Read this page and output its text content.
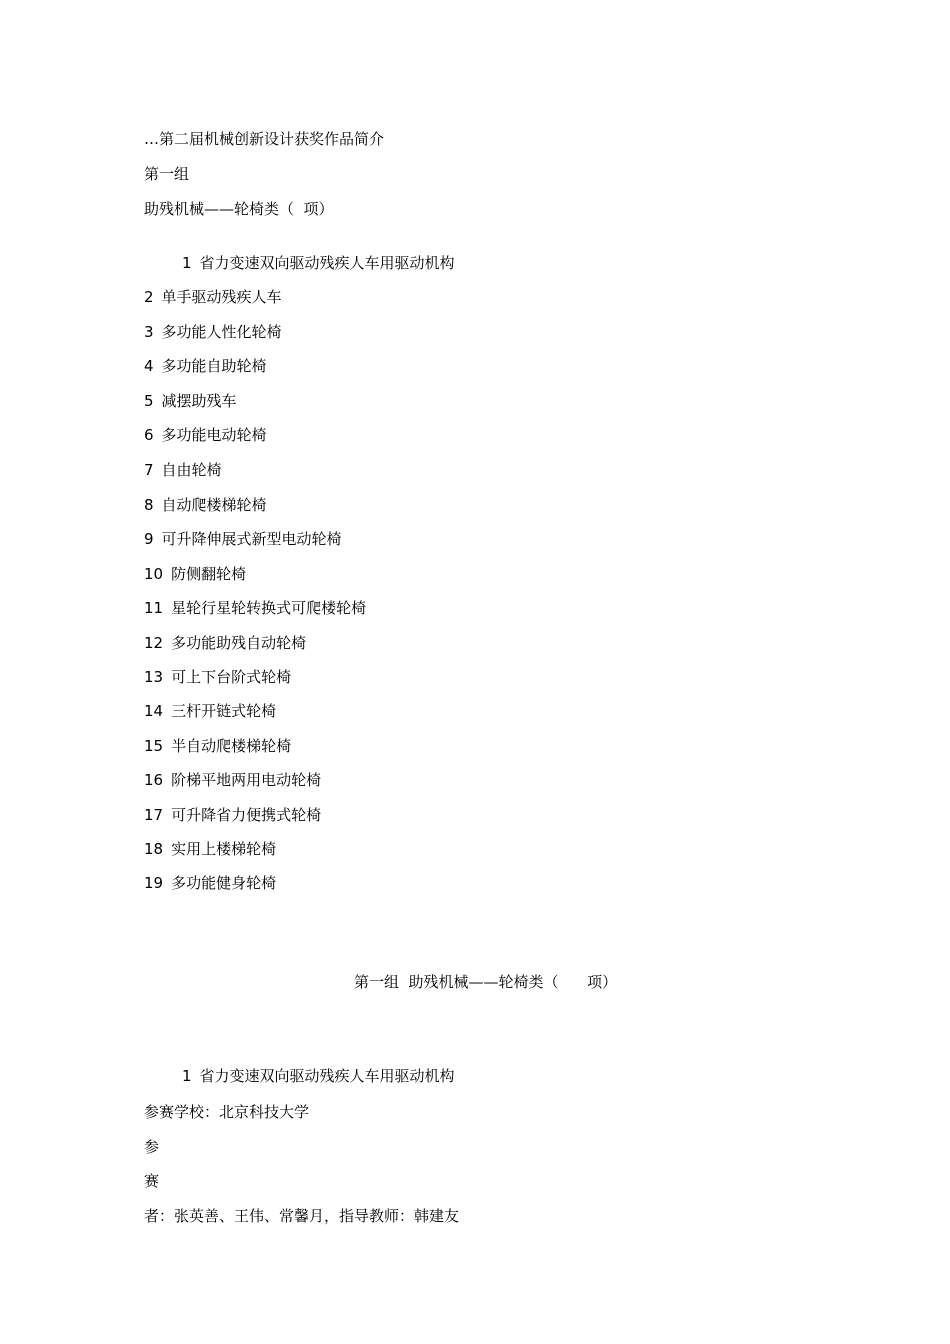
…第二届机械创新设计获奖作品简介
第一组
助残机械——轮椅类（  项）
1 省力变速双向驱动残疾人车用驱动机构
2 单手驱动残疾人车
3 多功能人性化轮椅
4 多功能自助轮椅
5 减摆助残车
6 多功能电动轮椅
7 自由轮椅
8 自动爬楼梯轮椅
9 可升降伸展式新型电动轮椅
10 防侧翻轮椅
11 星轮行星轮转换式可爬楼轮椅
12 多功能助残自动轮椅
13 可上下台阶式轮椅
14 三杆开链式轮椅
15 半自动爬楼梯轮椅
16 阶梯平地两用电动轮椅
17 可升降省力便携式轮椅
18 实用上楼梯轮椅
19 多功能健身轮椅
第一组  助残机械——轮椅类（      项）
1 省力变速双向驱动残疾人车用驱动机构
参赛学校：北京科技大学
参
赛
者：张英善、王伟、常馨月，指导教师：韩建友
